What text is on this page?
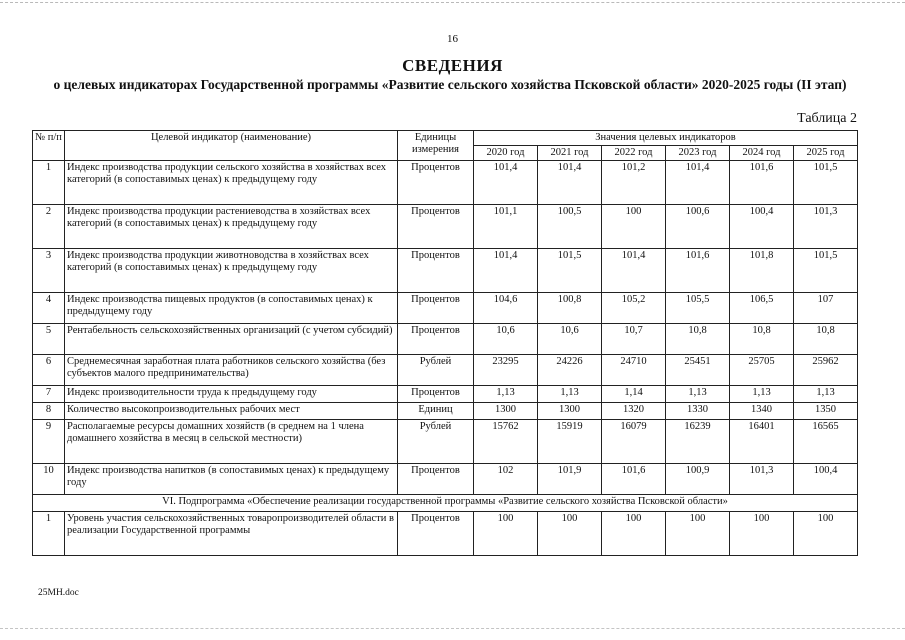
16
СВЕДЕНИЯ
о целевых индикаторах Государственной программы «Развитие сельского хозяйства Псковской области» 2020-2025 годы (II этап)
Таблица 2
№ п/п	Целевой индикатор (наименование)	Единицы измерения	Значения целевых индикаторов					
			2020 год	2021 год	2022 год	2023 год	2024 год	2025 год
1	Индекс производства продукции сельского хозяйства в хозяйствах всех категорий (в сопоставимых ценах) к предыдущему году	Процентов	101,4	101,4	101,2	101,4	101,6	101,5
2	Индекс производства продукции растениеводства в хозяйствах всех категорий (в сопоставимых ценах) к предыдущему году	Процентов	101,1	100,5	100	100,6	100,4	101,3
3	Индекс производства продукции животноводства в хозяйствах всех категорий (в сопоставимых ценах) к предыдущему году	Процентов	101,4	101,5	101,4	101,6	101,8	101,5
4	Индекс производства пищевых продуктов (в сопоставимых ценах) к предыдущему году	Процентов	104,6	100,8	105,2	105,5	106,5	107
5	Рентабельность сельскохозяйственных организаций (с учетом субсидий)	Процентов	10,6	10,6	10,7	10,8	10,8	10,8
6	Среднемесячная заработная плата работников сельского хозяйства (без субъектов малого предпринимательства)	Рублей	23295	24226	24710	25451	25705	25962
7	Индекс производительности труда к предыдущему году	Процентов	1,13	1,13	1,14	1,13	1,13	1,13
8	Количество высокопроизводительных рабочих мест	Единиц	1300	1300	1320	1330	1340	1350
9	Располагаемые ресурсы домашних хозяйств (в среднем на 1 члена домашнего хозяйства в месяц в сельской местности)	Рублей	15762	15919	16079	16239	16401	16565
10	Индекс производства напитков (в сопоставимых ценах) к предыдущему году	Процентов	102	101,9	101,6	100,9	101,3	100,4
VI. Подпрограмма «Обеспечение реализации государственной программы «Развитие сельского хозяйства Псковской области»								
1	Уровень участия сельскохозяйственных товаропроизводителей области в реализации Государственной программы	Процентов	100	100	100	100	100	100
25МН.doc
